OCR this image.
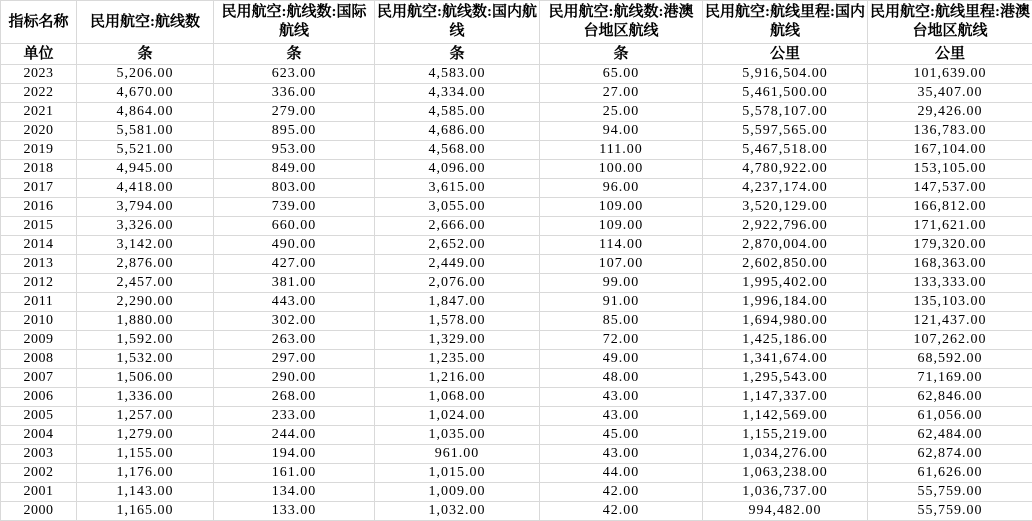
指标名称	民用航空:航线数	民用航空:航线数:国际航线	民用航空:航线数:国内航线	民用航空:航线数:港澳台地区航线	民用航空:航线里程:国内航线	民用航空:航线里程:港澳台地区航线
单位	条	条	条	条	公里	公里
2023	5,206.00	623.00	4,583.00	65.00	5,916,504.00	101,639.00
2022	4,670.00	336.00	4,334.00	27.00	5,461,500.00	35,407.00
2021	4,864.00	279.00	4,585.00	25.00	5,578,107.00	29,426.00
2020	5,581.00	895.00	4,686.00	94.00	5,597,565.00	136,783.00
2019	5,521.00	953.00	4,568.00	111.00	5,467,518.00	167,104.00
2018	4,945.00	849.00	4,096.00	100.00	4,780,922.00	153,105.00
2017	4,418.00	803.00	3,615.00	96.00	4,237,174.00	147,537.00
2016	3,794.00	739.00	3,055.00	109.00	3,520,129.00	166,812.00
2015	3,326.00	660.00	2,666.00	109.00	2,922,796.00	171,621.00
2014	3,142.00	490.00	2,652.00	114.00	2,870,004.00	179,320.00
2013	2,876.00	427.00	2,449.00	107.00	2,602,850.00	168,363.00
2012	2,457.00	381.00	2,076.00	99.00	1,995,402.00	133,333.00
2011	2,290.00	443.00	1,847.00	91.00	1,996,184.00	135,103.00
2010	1,880.00	302.00	1,578.00	85.00	1,694,980.00	121,437.00
2009	1,592.00	263.00	1,329.00	72.00	1,425,186.00	107,262.00
2008	1,532.00	297.00	1,235.00	49.00	1,341,674.00	68,592.00
2007	1,506.00	290.00	1,216.00	48.00	1,295,543.00	71,169.00
2006	1,336.00	268.00	1,068.00	43.00	1,147,337.00	62,846.00
2005	1,257.00	233.00	1,024.00	43.00	1,142,569.00	61,056.00
2004	1,279.00	244.00	1,035.00	45.00	1,155,219.00	62,484.00
2003	1,155.00	194.00	961.00	43.00	1,034,276.00	62,874.00
2002	1,176.00	161.00	1,015.00	44.00	1,063,238.00	61,626.00
2001	1,143.00	134.00	1,009.00	42.00	1,036,737.00	55,759.00
2000	1,165.00	133.00	1,032.00	42.00	994,482.00	55,759.00
